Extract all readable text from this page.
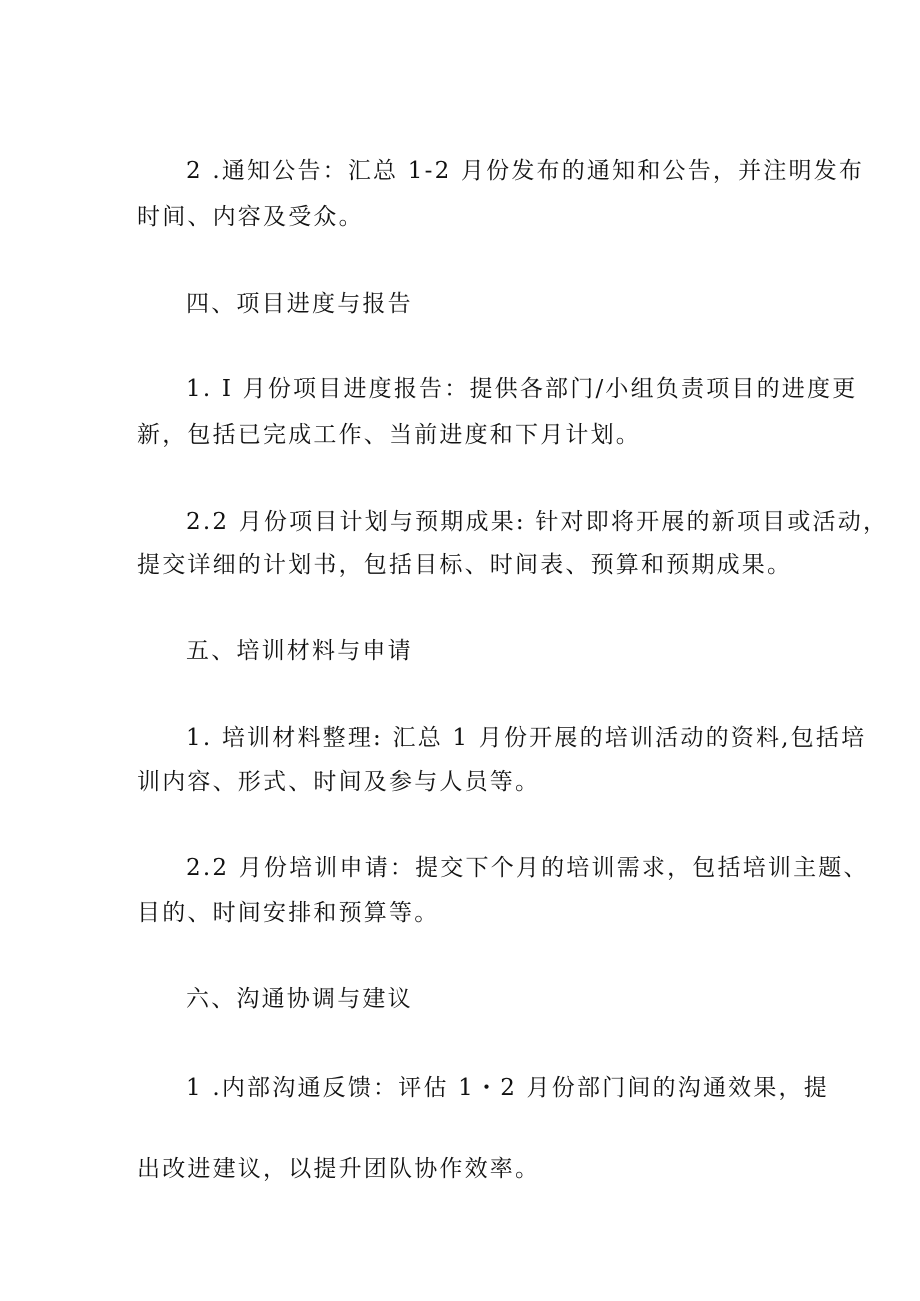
2 .通知公告：汇总 1-2 月份发布的通知和公告，并注明发布
时间、内容及受众。
四、项目进度与报告
1. I 月份项目进度报告：提供各部门/小组负责项目的进度更
新，包括已完成工作、当前进度和下月计划。
2.2 月份项目计划与预期成果: 针对即将开展的新项目或活动，
提交详细的计划书，包括目标、时间表、预算和预期成果。
五、培训材料与申请
1. 培训材料整理: 汇总 1 月份开展的培训活动的资料,包括培
训内容、形式、时间及参与人员等。
2.2 月份培训申请：提交下个月的培训需求，包括培训主题、
目的、时间安排和预算等。
六、沟通协调与建议
1 .内部沟通反馈：评估 1・2 月份部门间的沟通效果，提
出改进建议，以提升团队协作效率。
